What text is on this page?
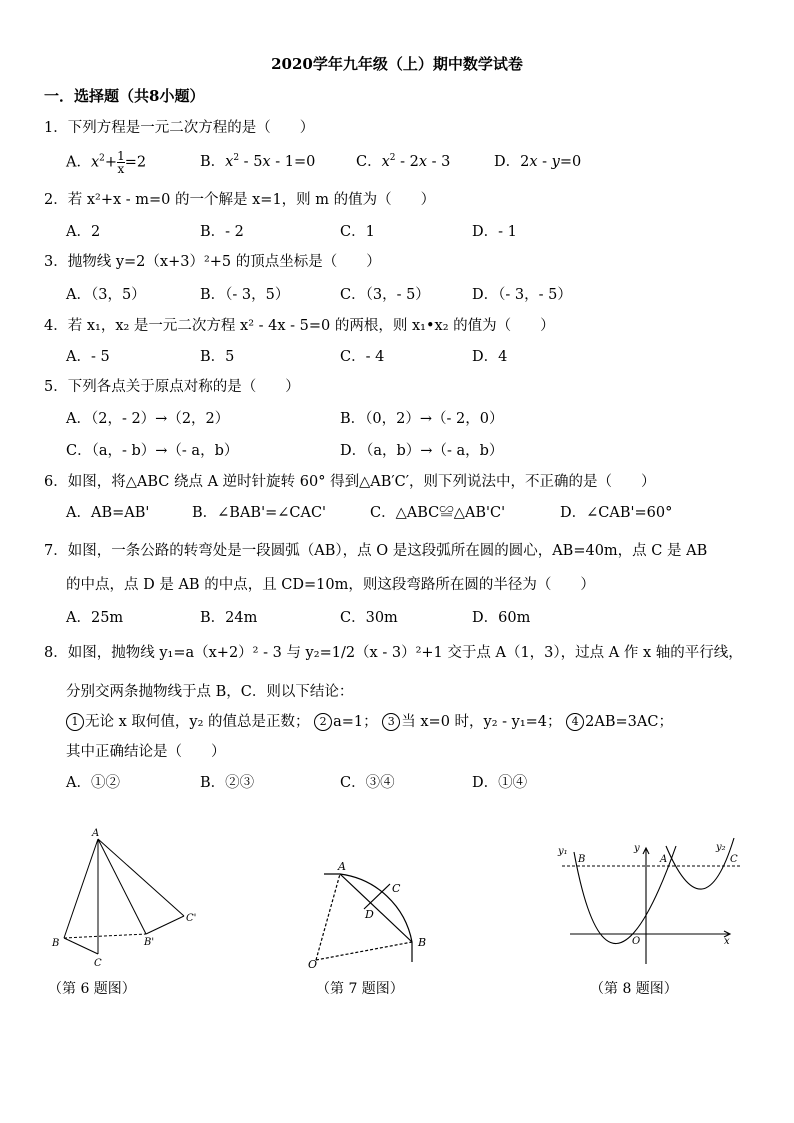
2020学年九年级（上）期中数学试卷
一．选择题（共8小题）
1．下列方程是一元二次方程的是（　　）
A．$x^2+ \frac{1}{x} =2$	B．$x^2 - 5x - 1=0$	C．$x^2 - 2x - 3$	D．2x - y=0
2．若 x²+x - m=0 的一个解是 x=1，则 m 的值为（　　）
A．2	B．- 2	C．1	D．- 1
3．抛物线 y=2（x+3）²+5 的顶点坐标是（　　）
A．（3，5）	B．（- 3，5）	C．（3，- 5）	D．（- 3，- 5）
4．若 x₁，x₂ 是一元二次方程 x² - 4x - 5=0 的两根，则 x₁•x₂ 的值为（　　）
A．- 5	B．5	C．- 4	D．4
5．下列各点关于原点对称的是（　　）
A．（2，- 2）→（2，2）	B．（0，2）→（- 2，0）
C．（a，- b）→（- a，b）	D．（a，b）→（- a，b）
6．如图，将△ABC 绕点 A 逆时针旋转 60° 得到△AB′C′，则下列说法中，不正确的是（　　）
A．AB=AB'	B．∠BAB'=∠CAC'	C．△ABC≌△AB'C'	D．∠CAB'=60°
7．如图，一条公路的转弯处是一段圆弧（AB），点 O 是这段弧所在圆的圆心，AB=40m，点 C 是 AB
的中点，点 D 是 AB 的中点，且 CD=10m，则这段弯路所在圆的半径为（　　）
A．25m	B．24m	C．30m	D．60m
8．如图，抛物线 y₁=a（x+2）² - 3 与 y₂=1/2（x - 3）²+1 交于点 A（1，3），过点 A 作 x 轴的平行线，
分别交两条抛物线于点 B，C．则以下结论：
1 无论 x 取何值，y₂ 的值总是正数； 2 a=1； 3 当 x=0 时，y₂ - y₁=4； 4 2AB=3AC；
其中正确结论是（　　）
A．①②	B．②③	C．③④	D．①④
A
B	B'
C
C'
（第 6 题图）
A
B
C
D
O
（第 7 题图）
y₁
B
y
A
y₂
C
O	x
（第 8 题图）
